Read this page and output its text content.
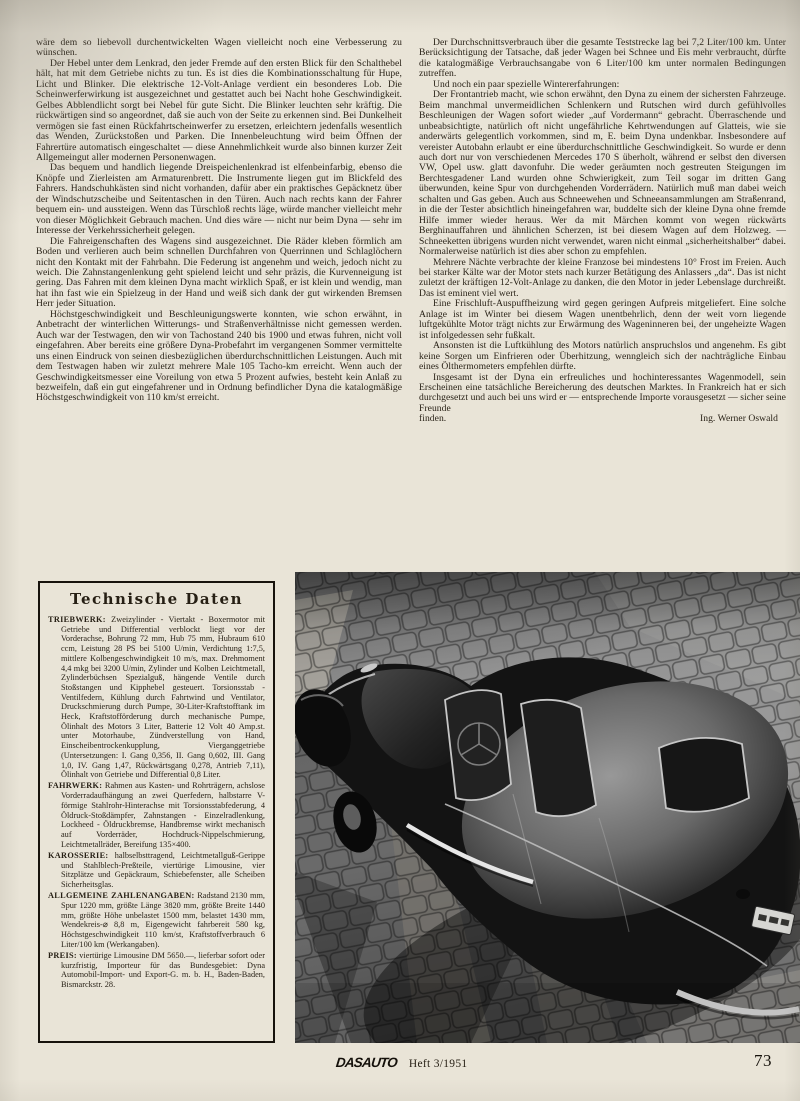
wäre dem so liebevoll durchentwickelten Wagen vielleicht noch eine Verbesserung zu wünschen.

Der Hebel unter dem Lenkrad, den jeder Fremde auf den ersten Blick für den Schalthebel hält, hat mit dem Getriebe nichts zu tun. Es ist dies die Kombinationsschaltung für Hupe, Licht und Blinker. Die elektrische 12-Volt-Anlage verdient ein besonderes Lob. Die Scheinwerferwirkung ist ausgezeichnet und gestattet auch bei Nacht hohe Geschwindigkeit. Gelbes Abblendlicht sorgt bei Nebel für gute Sicht. Die Blinker leuchten sehr kräftig. Die rückwärtigen sind so angeordnet, daß sie auch von der Seite zu erkennen sind. Bei Dunkelheit vermögen sie fast einen Rückfahrtscheinwerfer zu ersetzen, erleichtern jedenfalls wesentlich das Wenden, Zurückstoßen und Parken. Die Innenbeleuchtung wird beim Öffnen der Fahrertüre automatisch eingeschaltet — diese Annehmlichkeit wurde also binnen kurzer Zeit Allgemeingut aller modernen Personenwagen.

Das bequem und handlich liegende Dreispeichenlenkrad ist elfenbeinfarbig, ebenso die Knöpfe und Zierleisten am Armaturenbrett. Die Instrumente liegen gut im Blickfeld des Fahrers. Handschuhkästen sind nicht vorhanden, dafür aber ein praktisches Gepäcknetz über der Windschutzscheibe und Seitentaschen in den Türen. Auch nach rechts kann der Fahrer bequem ein- und aussteigen. Wenn das Türschloß rechts läge, würde mancher vielleicht mehr von dieser Möglichkeit Gebrauch machen. Und dies wäre — nicht nur beim Dyna — sehr im Interesse der Verkehrssicherheit gelegen.

Die Fahreigenschaften des Wagens sind ausgezeichnet. Die Räder kleben förmlich am Boden und verlieren auch beim schnellen Durchfahren von Querrinnen und Schlaglöchern nicht den Kontakt mit der Fahrbahn. Die Federung ist angenehm und weich, jedoch nicht zu weich. Die Zahnstangenlenkung geht spielend leicht und sehr präzis, die Kurvenneigung ist gering. Das Fahren mit dem kleinen Dyna macht wirklich Spaß, er ist klein und wendig, man hat ihn fast wie ein Spielzeug in der Hand und weiß sich dank der gut wirkenden Bremsen Herr jeder Situation.

Höchstgeschwindigkeit und Beschleunigungswerte konnten, wie schon erwähnt, in Anbetracht der winterlichen Witterungs- und Straßenverhältnisse nicht gemessen werden. Auch war der Testwagen, den wir von Tachostand 240 bis 1900 und etwas fuhren, nicht voll eingefahren. Aber bereits eine größere Dyna-Probefahrt im vergangenen Sommer vermittelte uns einen Eindruck von seinen diesbezüglichen überdurchschnittlichen Leistungen. Auch mit dem Testwagen haben wir zuletzt mehrere Male 105 Tacho-km erreicht. Wenn auch der Geschwindigkeitsmesser eine Voreilung von etwa 5 Prozent aufwies, besteht kein Anlaß zu bezweifeln, daß ein gut eingefahrener und in Ordnung befindlicher Dyna die katalogmäßige Höchstgeschwindigkeit von 110 km/st erreicht.

Der Durchschnittsverbrauch über die gesamte Teststrecke lag bei 7,2 Liter/100 km. Unter Berücksichtigung der Tatsache, daß jeder Wagen bei Schnee und Eis mehr verbraucht, dürfte die katalogmäßige Verbrauchsangabe von 6 Liter/100 km unter normalen Bedingungen zutreffen.

Und noch ein paar spezielle Wintererfahrungen:

Der Frontantrieb macht, wie schon erwähnt, den Dyna zu einem der sichersten Fahrzeuge. Beim manchmal unvermeidlichen Schlenkern und Rutschen wird durch gefühlvolles Beschleunigen der Wagen sofort wieder „auf Vordermann“ gebracht. Überraschende und unbeabsichtigte, natürlich oft nicht ungefährliche Kehrtwendungen auf Glatteis, wie sie anderwärts gelegentlich vorkommen, sind m, E. beim Dyna undenkbar. Insbesondere auf vereister Autobahn erlaubt er eine überdurchschnittliche Geschwindigkeit. So wurde er denn auch dort nur von verschiedenen Mercedes 170 S überholt, während er selbst den diversen VW, Opel usw. glatt davonfuhr. Die weder geräumten noch gestreuten Steigungen im Berchtesgadener Land wurden ohne Schwierigkeit, zum Teil sogar im dritten Gang überwunden, keine Spur von durchgehenden Vorderrädern. Natürlich muß man dabei weich schalten und Gas geben. Auch aus Schneewehen und Schneeansammlungen am Straßenrand, in die der Tester absichtlich hineingefahren war, buddelte sich der kleine Dyna ohne fremde Hilfe immer wieder heraus. Wer da mit Märchen kommt von wegen rückwärts Berghinauffahren und ähnlichen Scherzen, ist bei diesem Wagen auf dem Holzweg. — Schneeketten übrigens wurden nicht verwendet, waren nicht einmal „sicherheitshalber“ dabei. Normalerweise natürlich ist dies aber schon zu empfehlen.

Mehrere Nächte verbrachte der kleine Franzose bei mindestens 10° Frost im Freien. Auch bei starker Kälte war der Motor stets nach kurzer Betätigung des Anlassers „da“. Das ist nicht zuletzt der kräftigen 12-Volt-Anlage zu danken, die den Motor in jeder Lebenslage durchreißt. Das ist eminent viel wert.

Eine Frischluft-Auspuffheizung wird gegen geringen Aufpreis mitgeliefert. Eine solche Anlage ist im Winter bei diesem Wagen unentbehrlich, denn der weit vorn liegende luftgekühlte Motor trägt nichts zur Erwärmung des Wageninneren bei, der ungeheizte Wagen ist infolgedessen sehr fußkalt.

Ansonsten ist die Luftkühlung des Motors natürlich anspruchslos und angenehm. Es gibt keine Sorgen um Einfrieren oder Überhitzung, wenngleich sich der nachträgliche Einbau eines Ölthermometers empfehlen dürfte.

Insgesamt ist der Dyna ein erfreuliches und hochinteressantes Wagenmodell, sein Erscheinen eine tatsächliche Bereicherung des deutschen Marktes. In Frankreich hat er sich durchgesetzt und auch bei uns wird er — entsprechende Importe vorausgesetzt — sicher seine Freunde

finden.	Ing. Werner Oswald

Technische Daten

TRIEBWERK: Zweizylinder - Viertakt - Boxermotor mit Getriebe und Differential verblockt liegt vor der Vorderachse, Bohrung 72 mm, Hub 75 mm, Hubraum 610 ccm, Leistung 28 PS bei 5100 U/min, Verdichtung 1:7,5, mittlere Kolbengeschwindigkeit 10 m/s, max. Drehmoment 4,4 mkg bei 3200 U/min, Zylinder und Kolben Leichtmetall, Zylinderbüchsen Spezialguß, hängende Ventile durch Stoßstangen und Kipphebel gesteuert. Torsionsstab - Ventilfedern, Kühlung durch Fahrtwind und Ventilator, Druckschmierung durch Pumpe, 30-Liter-Kraftstofftank im Heck, Kraftstofförderung durch mechanische Pumpe, Ölinhalt des Motors 3 Liter, Batterie 12 Volt 40 Amp.st. unter Motorhaube, Zündverstellung von Hand, Einscheibentrockenkupplung, Vierganggetriebe (Untersetzungen: I. Gang 0,356, II. Gang 0,602, III. Gang 1,0, IV. Gang 1,47, Rückwärtsgang 0,278, Antrieb 7,11), Ölinhalt von Getriebe und Differential 0,8 Liter.

FAHRWERK: Rahmen aus Kasten- und Rohrträgern, achslose Vorderradaufhängung an zwei Querfedern, halbstarre V-förmige Stahlrohr-Hinterachse mit Torsionsstabfederung, 4 Öldruck-Stoßdämpfer, Zahnstangen - Einzelradlenkung, Lockheed - Öldruckbremse, Handbremse wirkt mechanisch auf Vorderräder, Hochdruck-Nippelschmierung, Leichtmetallräder, Bereifung 135×400.

KAROSSERIE: halbselbsttragend, Leichtmetallguß-Gerippe und Stahlblech-Preßteile, viertürige Limousine, vier Sitzplätze und Gepäckraum, Schiebefenster, alle Scheiben Sicherheitsglas.

ALLGEMEINE ZAHLENANGABEN: Radstand 2130 mm, Spur 1220 mm, größte Länge 3820 mm, größte Breite 1440 mm, größte Höhe unbelastet 1500 mm, belastet 1430 mm, Wendekreis-⌀ 8,8 m, Eigengewicht fahrbereit 580 kg, Höchstgeschwindigkeit 110 km/st, Kraftstoffverbrauch 6 Liter/100 km (Werkangaben).

PREIS: viertürige Limousine DM 5650.—, lieferbar sofort oder kurzfristig, Importeur für das Bundesgebiet: Dyna Automobil-Import- und Export-G. m. b. H., Baden-Baden, Bismarckstr. 28.

DASAUTO Heft 3/1951	73
